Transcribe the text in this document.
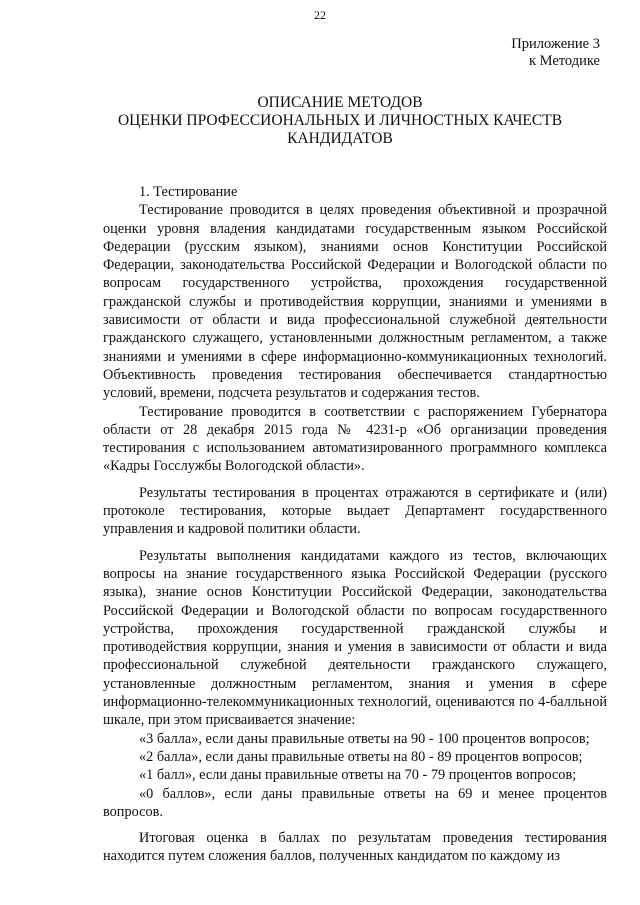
22
Приложение 3
к Методике
ОПИСАНИЕ МЕТОДОВ
ОЦЕНКИ ПРОФЕССИОНАЛЬНЫХ И ЛИЧНОСТНЫХ КАЧЕСТВ
КАНДИДАТОВ

1. Тестирование

Тестирование проводится в целях проведения объективной и прозрачной оценки уровня владения кандидатами государственным языком Российской Федерации (русским языком), знаниями основ Конституции Российской Федерации, законодательства Российской Федерации и Вологодской области по вопросам государственного устройства, прохождения государственной гражданской службы и противодействия коррупции, знаниями и умениями в зависимости от области и вида профессиональной служебной деятельности гражданского служащего, установленными должностным регламентом, а также знаниями и умениями в сфере информационно-коммуникационных технологий. Объективность проведения тестирования обеспечивается стандартностью условий, времени, подсчета результатов и содержания тестов.

Тестирование проводится в соответствии с распоряжением Губернатора области от 28 декабря 2015 года № 4231-р «Об организации проведения тестирования с использованием автоматизированного программного комплекса «Кадры Госслужбы Вологодской области».

Результаты тестирования в процентах отражаются в сертификате и (или) протоколе тестирования, которые выдает Департамент государственного управления и кадровой политики области.

Результаты выполнения кандидатами каждого из тестов, включающих вопросы на знание государственного языка Российской Федерации (русского языка), знание основ Конституции Российской Федерации, законодательства Российской Федерации и Вологодской области по вопросам государственного устройства, прохождения государственной гражданской службы и противодействия коррупции, знания и умения в зависимости от области и вида профессиональной служебной деятельности гражданского служащего, установленные должностным регламентом, знания и умения в сфере информационно-телекоммуникационных технологий, оцениваются по 4-балльной шкале, при этом присваивается значение:

«3 балла», если даны правильные ответы на 90 - 100 процентов вопросов;

«2 балла», если даны правильные ответы на 80 - 89 процентов вопросов;

«1 балл», если даны правильные ответы на 70 - 79 процентов вопросов;

«0 баллов», если даны правильные ответы на 69 и менее процентов вопросов.

Итоговая оценка в баллах по результатам проведения тестирования находится путем сложения баллов, полученных кандидатом по каждому из
